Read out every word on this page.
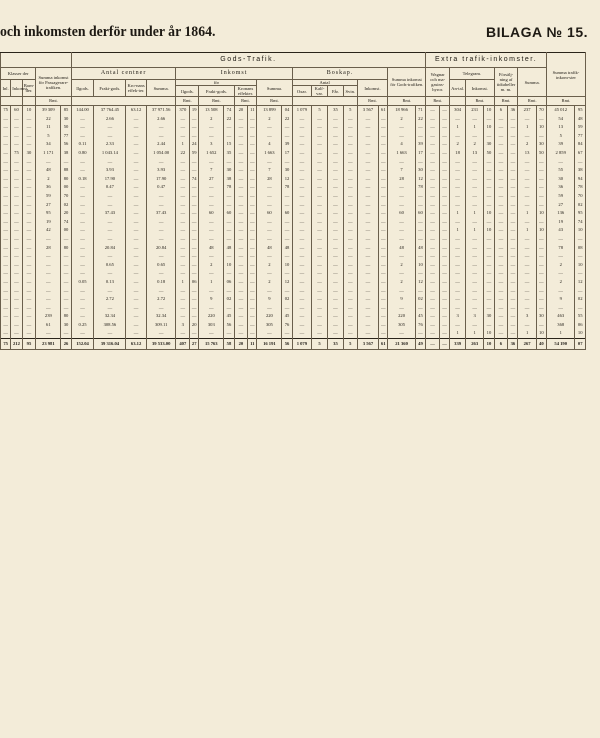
och inkomsten derför under år 1864.	BILAGA № 15.
					Gods-Trafik.																				Extra trafik-inkomster.									Summa trafik-inkom-ster	
Klasser der			Summa inkomst för Passagerare-trafiken.		Antal centner				Inkomst								Boskap.						Summa inkomst för Gods-trafiken.		Wagnar och ma-gasins-hyror.		Telegram.			Försälj-ning af tidtabeller m. m.		Summa.			
Inl.	Inkomst.	Barn-der.			Ilgods.	Frakt-gods.	Kro-nans effek-ter.	Summa.	för						Summa.		Antal				Inkomst.						An-tal.	Inkomst.							
									Ilgods.		Frakt-gods.		Kronans effekter.				Oxar.	Kalf-var.	Får.	Svin.															
			Rmt.						Rmt.		Rmt.		Rmt.		Rmt.						Rmt.		Rmt.		Rmt.			Rmt.		Rmt.		Rmt.		Rmt.	
75	60	10	39 309	85	144.00	37 764.45	63.12	37 971.56	370	19	13 508	74	20	11	13 899	04	1 079	5	35	5	3 567	61	18 966	71	—	—	304	231	10	6	36	237	70	45 012	95
—	—	—	22	30	—	2.66	—	2.66	—	—	2	22	—	—	2	22	—	—	—	—	—	—	2	22	—	—	—	—	—	—	—	—	—	54	48
—	—	—	11	50	—	—	—	—	—	—	—	—	—	—	—	—	—	—	—	—	—	—	—	—	—	—	1	1	10	—	—	1	10	13	59
—	—	—	5	77	—	—	—	—	—	—	—	—	—	—	—	—	—	—	—	—	—	—	—	—	—	—	—	—	—	—	—	—	—	5	77
—	—	—	34	56	0.11	2.33	—	2.44	1	24	3	15	—	—	4	39	—	—	—	—	—	—	4	39	—	—	2	2	30	—	—	2	30	39	84
—	75	30	1 171	38	0.80	1 043.14	—	1 054.00	22	59	1 652	35	—	—	1 663	17	—	—	—	—	—	—	1 663	17	—	—	18	13	50	—	—	13	50	2 859	67
—	—	—	—	—	—	—	—	—	—	—	—	—	—	—	—	—	—	—	—	—	—	—	—	—	—	—	—	—	—	—	—	—	—	—	—
—	—	—	48	88	—	3.93	—	3.93	—	—	7	30	—	—	7	30	—	—	—	—	—	—	7	30	—	—	—	—	—	—	—	—	—	55	38
—	—	—	2	80	0.18	17.90	—	17.90	—	74	27	38	—	—	28	12	—	—	—	—	—	—	28	12	—	—	—	—	—	—	—	—	—	30	94
—	—	—	36	00	—	0.47	—	0.47	—	—	—	78	—	—	—	78	—	—	—	—	—	—	—	78	—	—	—	—	—	—	—	—	—	36	78
—	—	—	59	70	—	—	—	—	—	—	—	—	—	—	—	—	—	—	—	—	—	—	—	—	—	—	—	—	—	—	—	—	—	59	70
—	—	—	27	02	—	—	—	—	—	—	—	—	—	—	—	—	—	—	—	—	—	—	—	—	—	—	—	—	—	—	—	—	—	27	02
—	—	—	95	20	—	37.43	—	37.43	—	—	60	60	—	—	60	60	—	—	—	—	—	—	60	60	—	—	1	1	10	—	—	1	10	136	95
—	—	—	19	74	—	—	—	—	—	—	—	—	—	—	—	—	—	—	—	—	—	—	—	—	—	—	—	—	—	—	—	—	—	19	74
—	—	—	42	00	—	—	—	—	—	—	—	—	—	—	—	—	—	—	—	—	—	—	—	—	—	—	1	1	10	—	—	1	10	43	10
—	—	—	—	—	—	—	—	—	—	—	—	—	—	—	—	—	—	—	—	—	—	—	—	—	—	—	—	—	—	—	—	—	—	—	—
—	—	—	28	80	—	20.84	—	20.84	—	—	48	48	—	—	48	48	—	—	—	—	—	—	48	48	—	—	—	—	—	—	—	—	—	78	08
—	—	—	—	—	—	—	—	—	—	—	—	—	—	—	—	—	—	—	—	—	—	—	—	—	—	—	—	—	—	—	—	—	—	—	—
—	—	—	—	—	—	0.65	—	0.65	—	—	2	10	—	—	2	10	—	—	—	—	—	—	2	10	—	—	—	—	—	—	—	—	—	2	10
—	—	—	—	—	—	—	—	—	—	—	—	—	—	—	—	—	—	—	—	—	—	—	—	—	—	—	—	—	—	—	—	—	—	—	—
—	—	—	—	—	0.05	0.13	—	0.18	1	06	1	06	—	—	2	12	—	—	—	—	—	—	2	12	—	—	—	—	—	—	—	—	—	2	12
—	—	—	—	—	—	—	—	—	—	—	—	—	—	—	—	—	—	—	—	—	—	—	—	—	—	—	—	—	—	—	—	—	—	—	—
—	—	—	—	—	—	2.72	—	2.72	—	—	9	02	—	—	9	02	—	—	—	—	—	—	9	02	—	—	—	—	—	—	—	—	—	9	02
—	—	—	—	—	—	—	—	—	—	—	—	—	—	—	—	—	—	—	—	—	—	—	—	—	—	—	—	—	—	—	—	—	—	—	—
—	—	—	239	80	—	32.34	—	32.34	—	—	220	45	—	—	220	45	—	—	—	—	—	—	220	45	—	—	3	3	30	—	—	3	30	463	55
—	—	—	61	30	0.25	308.56	—	309.11	3	20	303	56	—	—	305	76	—	—	—	—	—	—	305	76	—	—	—	—	—	—	—	—	—	368	06
—	—	—	—	—	—	—	—	—	—	—	—	—	—	—	—	—	—	—	—	—	—	—	—	—	—	—	1	1	10	—	—	1	10	1	10
75	212	95	23 981	26	152.04	39 316.04	63.12	39 533.00	407	27	15 763	58	20	11	16 191	56	1 079	5	35	5	3 567	61	21 360	49	—	—	339	263	10	6	36	267	40	54 190	07
